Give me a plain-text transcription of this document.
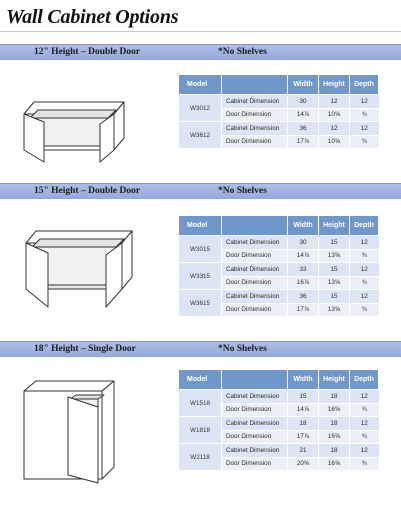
Wall Cabinet Options
12" Height – Double Door	*No Shelves
Model		Width	Height	Depth
W3012	Cabinet Dimension	30	12	12
	Door Dimension	14⅞	10⅝	¾
W3612	Cabinet Dimension	36	12	12
	Door Dimension	17⅞	10⅝	¾
15" Height – Double Door	*No Shelves
Model		Width	Height	Depth
W3015	Cabinet Dimension	30	15	12
	Door Dimension	14⅞	13⅝	¾
W3315	Cabinet Dimension	33	15	12
	Door Dimension	16⅞	13⅝	¾
W3615	Cabinet Dimension	36	15	12
	Door Dimension	17⅞	13⅝	¾
18" Height – Single Door	*No Shelves
Model		Width	Height	Depth
W1518	Cabinet Dimension	15	18	12
	Door Dimension	14⅞	16⅝	¾
W1818	Cabinet Dimension	18	18	12
	Door Dimension	17⅞	16⅝	¾
W2118	Cabinet Dimension	21	18	12
	Door Dimension	20⅝	16⅝	¾
